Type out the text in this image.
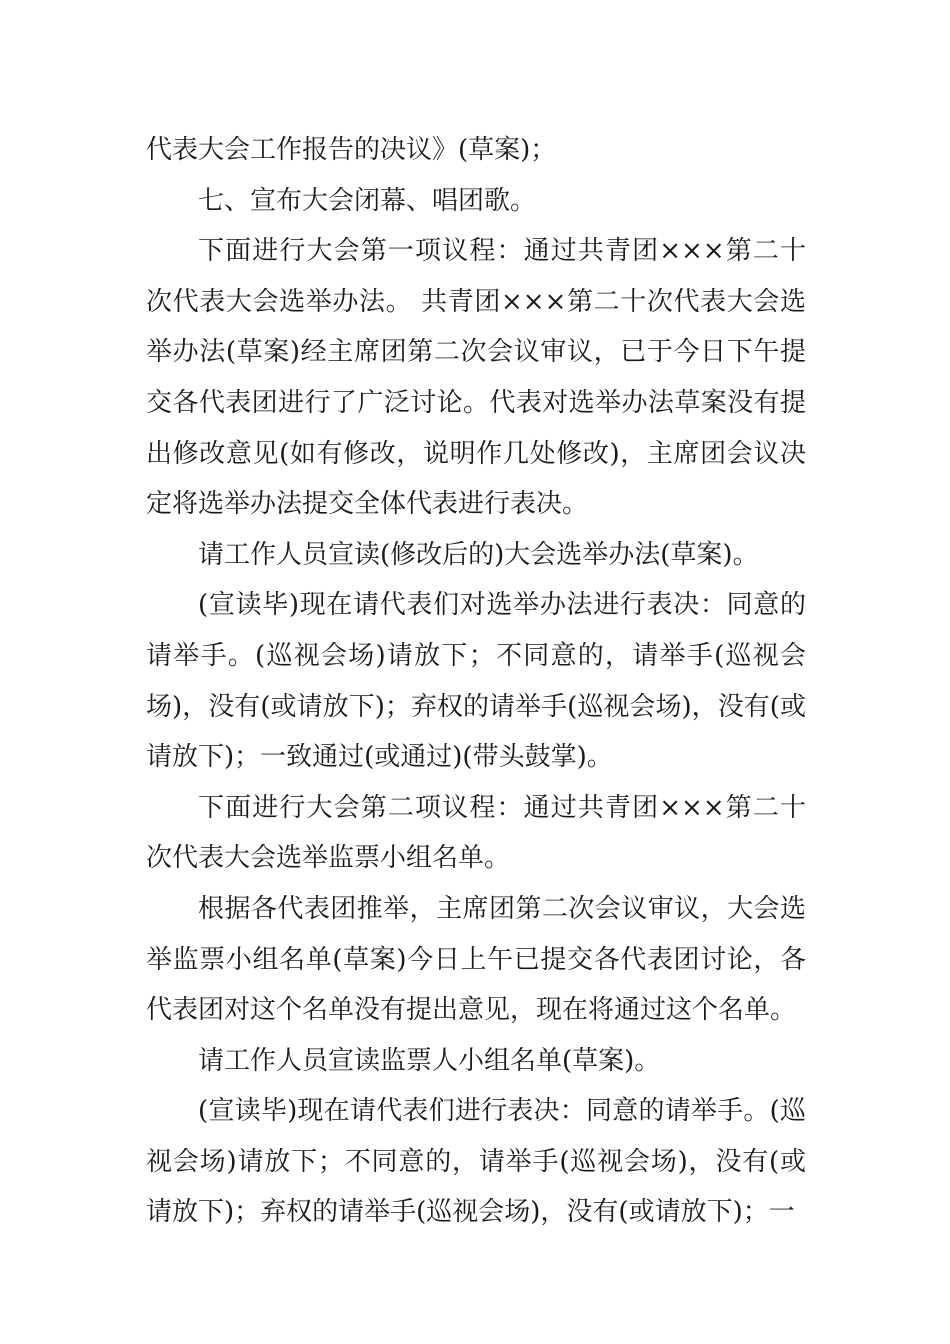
代表大会工作报告的决议》(草案)；

七、宣布大会闭幕、唱团歌。

下面进行大会第一项议程：通过共青团×××第二十次代表大会选举办法。 共青团×××第二十次代表大会选举办法(草案)经主席团第二次会议审议，已于今日下午提交各代表团进行了广泛讨论。代表对选举办法草案没有提出修改意见(如有修改，说明作几处修改)，主席团会议决定将选举办法提交全体代表进行表决。

请工作人员宣读(修改后的)大会选举办法(草案)。

(宣读毕)现在请代表们对选举办法进行表决：同意的请举手。(巡视会场)请放下；不同意的，请举手(巡视会场)，没有(或请放下)；弃权的请举手(巡视会场)，没有(或请放下)；一致通过(或通过)(带头鼓掌)。

下面进行大会第二项议程：通过共青团×××第二十次代表大会选举监票小组名单。

根据各代表团推举，主席团第二次会议审议，大会选举监票小组名单(草案)今日上午已提交各代表团讨论，各代表团对这个名单没有提出意见，现在将通过这个名单。

请工作人员宣读监票人小组名单(草案)。

(宣读毕)现在请代表们进行表决：同意的请举手。(巡视会场)请放下；不同意的，请举手(巡视会场)，没有(或请放下)；弃权的请举手(巡视会场)，没有(或请放下)；一
